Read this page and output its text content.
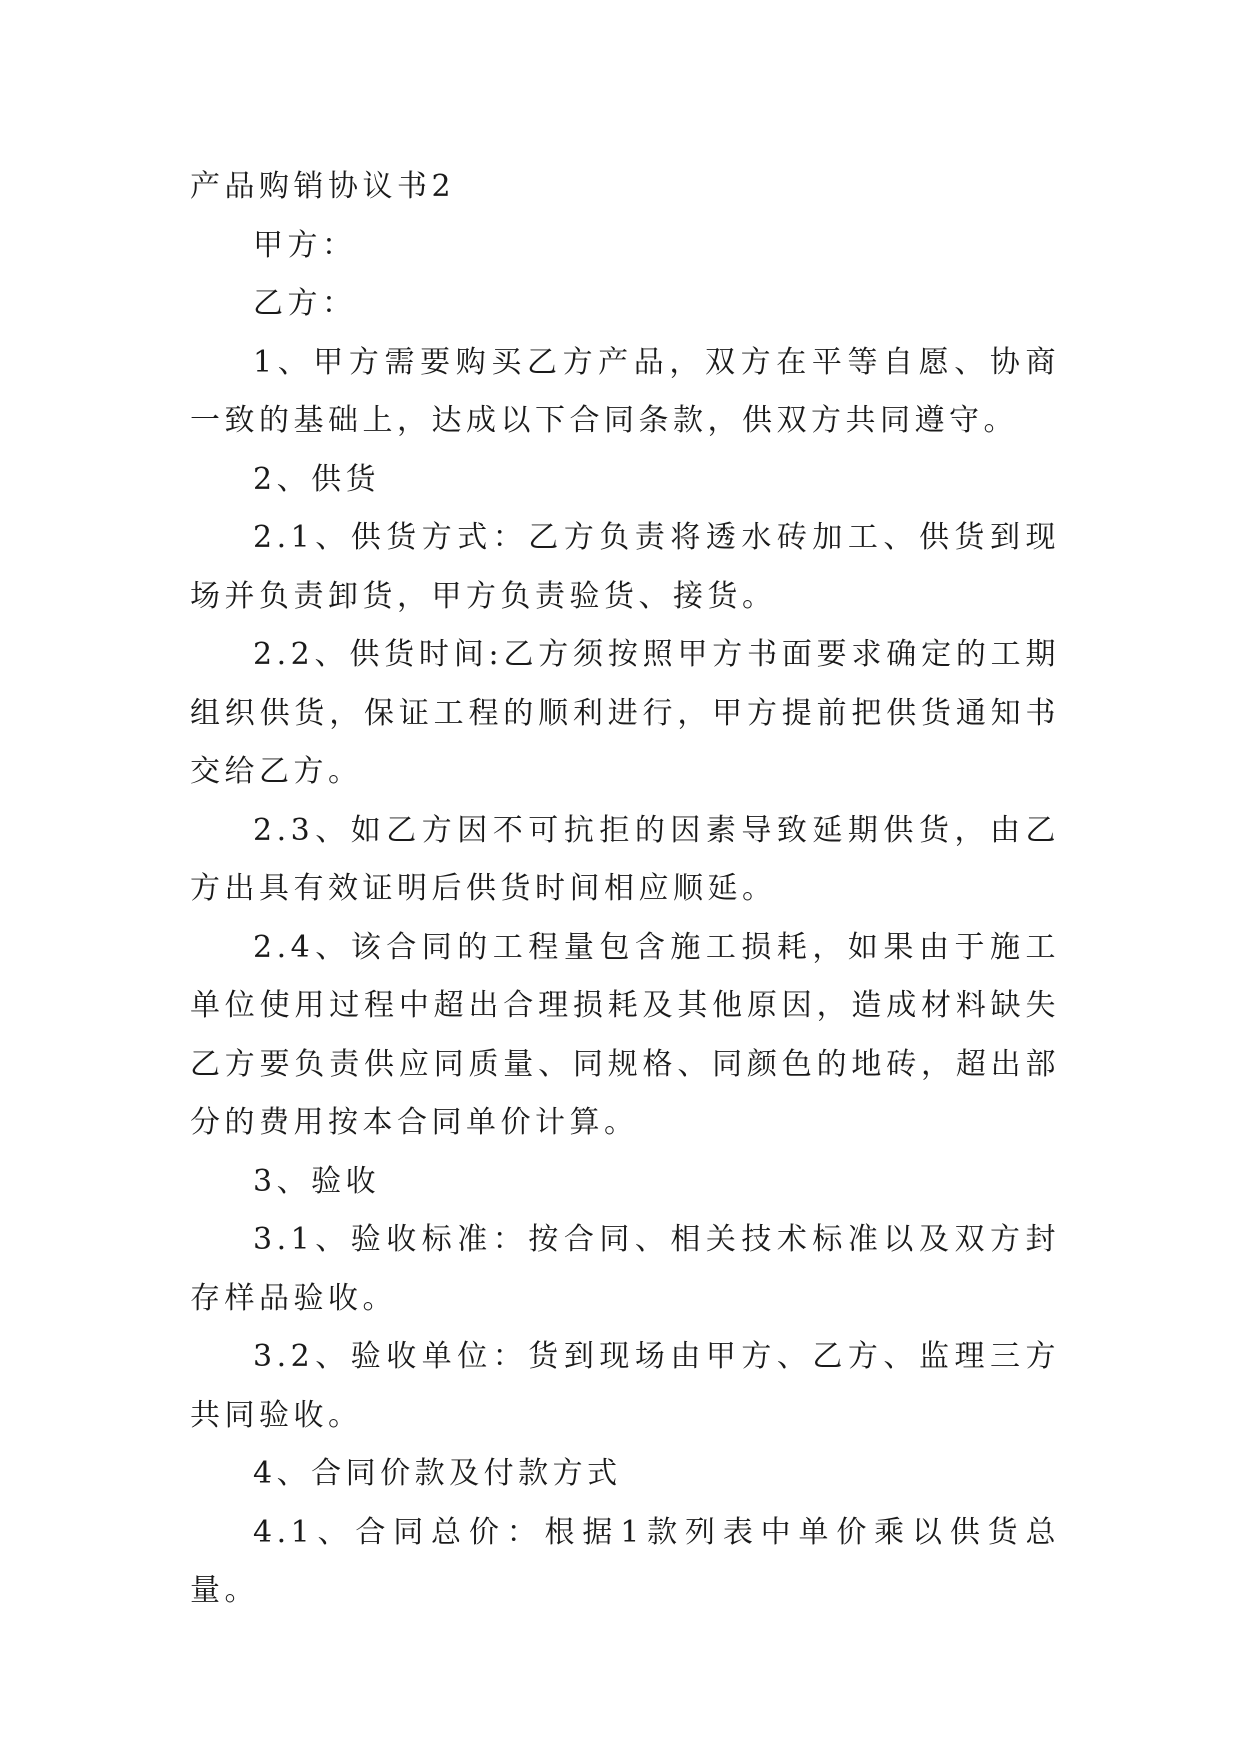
产品购销协议书2

甲方：

乙方：

1、甲方需要购买乙方产品，双方在平等自愿、协商一致的基础上，达成以下合同条款，供双方共同遵守。

2、供货

2.1、供货方式：乙方负责将透水砖加工、供货到现场并负责卸货，甲方负责验货、接货。

2.2、供货时间:乙方须按照甲方书面要求确定的工期组织供货，保证工程的顺利进行，甲方提前把供货通知书交给乙方。

2.3、如乙方因不可抗拒的因素导致延期供货，由乙方出具有效证明后供货时间相应顺延。

2.4、该合同的工程量包含施工损耗，如果由于施工单位使用过程中超出合理损耗及其他原因，造成材料缺失乙方要负责供应同质量、同规格、同颜色的地砖，超出部分的费用按本合同单价计算。

3、验收

3.1、验收标准：按合同、相关技术标准以及双方封存样品验收。

3.2、验收单位：货到现场由甲方、乙方、监理三方共同验收。

4、合同价款及付款方式

4.1、合同总价：根据1款列表中单价乘以供货总量。
